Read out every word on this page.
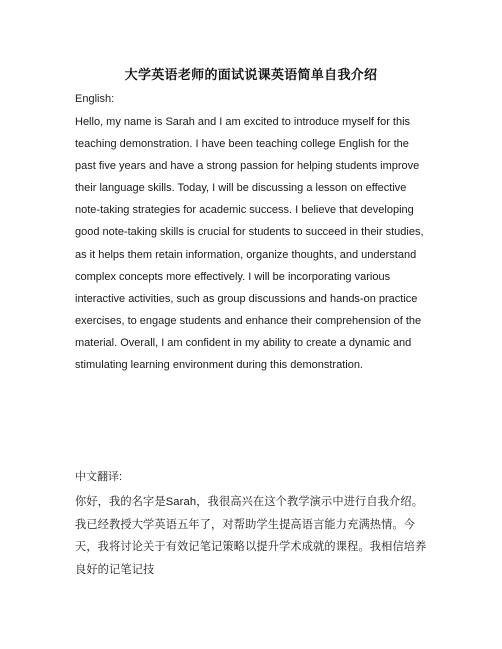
大学英语老师的面试说课英语简单自我介绍
English:

Hello, my name is Sarah and I am excited to introduce myself for this teaching demonstration. I have been teaching college English for the past five years and have a strong passion for helping students improve their language skills. Today, I will be discussing a lesson on effective note-taking strategies for academic success. I believe that developing good note-taking skills is crucial for students to succeed in their studies, as it helps them retain information, organize thoughts, and understand complex concepts more effectively. I will be incorporating various interactive activities, such as group discussions and hands-on practice exercises, to engage students and enhance their comprehension of the material. Overall, I am confident in my ability to create a dynamic and stimulating learning environment during this demonstration.

中文翻译:

你好，我的名字是Sarah，我很高兴在这个教学演示中进行自我介绍。我已经教授大学英语五年了，对帮助学生提高语言能力充满热情。今天，我将讨论关于有效记笔记策略以提升学术成就的课程。我相信培养良好的记笔记技
